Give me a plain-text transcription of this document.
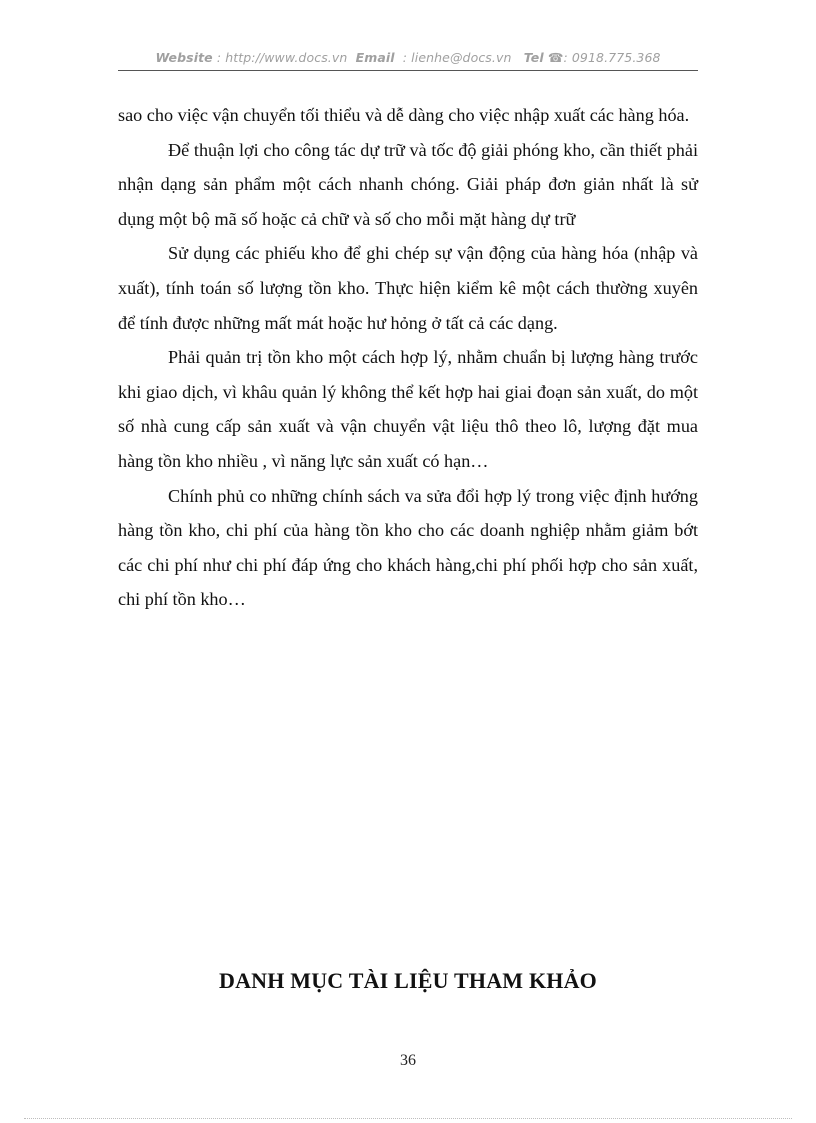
Website : http://www.docs.vn Email : lienhe@docs.vn Tel ☎: 0918.775.368

sao cho việc vận chuyển tối thiểu và dễ dàng cho việc nhập xuất các hàng hóa.

Để thuận lợi cho công tác dự trữ và tốc độ giải phóng kho, cần thiết phải nhận dạng sản phẩm một cách nhanh chóng. Giải pháp đơn giản nhất là sử dụng một bộ mã số hoặc cả chữ và số cho mỗi mặt hàng dự trữ

Sử dụng các phiếu kho để ghi chép sự vận động của hàng hóa (nhập và xuất), tính toán số lượng tồn kho. Thực hiện kiểm kê một cách thường xuyên để tính được những mất mát hoặc hư hỏng ở tất cả các dạng.

Phải quản trị tồn kho một cách hợp lý, nhằm chuẩn bị lượng hàng trước khi giao dịch, vì khâu quản lý không thể kết hợp hai giai đoạn sản xuất, do một số nhà cung cấp sản xuất và vận chuyển vật liệu thô theo lô, lượng đặt mua hàng tồn kho nhiều , vì năng lực sản xuất có hạn…

Chính phủ co những chính sách va sửa đổi hợp lý trong việc định hướng hàng tồn kho, chi phí của hàng tồn kho cho các doanh nghiệp nhằm giảm bớt các chi phí như chi phí đáp ứng cho khách hàng,chi phí phối hợp cho sản xuất, chi phí tồn kho…

DANH MỤC TÀI LIỆU THAM KHẢO
36
